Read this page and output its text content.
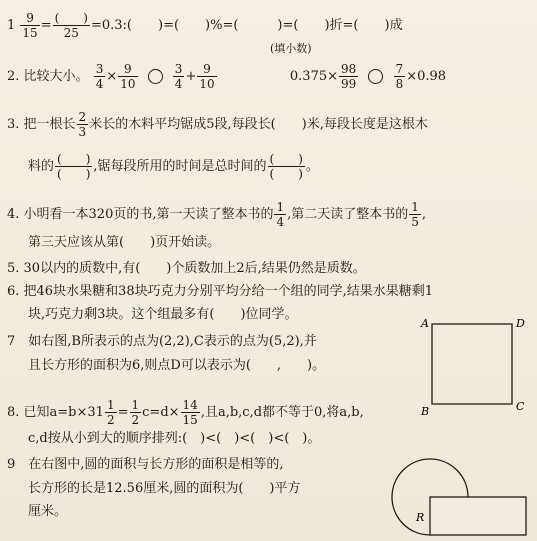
$1 \frac{9}{15} = \frac{( )}{25}$ =0.3:(　　)=(　　)%=(　　　)=(　　)折=(　　)成
(填小数)
2. 比较大小。 $\frac{3}{4} \times \frac{9}{10}$
	$\frac{3}{4} + \frac{9}{10}$	$0.375\times \frac{98}{99}$
	$\frac{7}{8} \times 0.98$
3. 把一根长 $\frac{2}{3}$ 米长的木料平均锯成5段,每段长(　　)米,每段长度是这根木
料的 $\frac{( )}{( )}$ ,锯每段所用的时间是总时间的 $\frac{( )}{( )}$ 。
4. 小明看一本320页的书,第一天读了整本书的 $\frac{1}{4}$ ,第二天读了整本书的 $\frac{1}{5}$ ,
第三天应该从第(　　)页开始读。
5. 30以内的质数中,有(　　)个质数加上2后,结果仍然是质数。
6. 把46块水果糖和38块巧克力分别平均分给一个组的同学,结果水果糖剩1
块,巧克力剩3块。这个组最多有(　　)位同学。
7　如右图,B所表示的点为(2,2),C表示的点为(5,2),并
且长方形的面积为6,则点D可以表示为(　　,　　)。
A	D
B	C
8. 已知$a=b\times 31 \frac{1}{2} = \frac{1}{2} c=d\times \frac{14}{15}$ ,且a,b,c,d都不等于0,将a,b,
c,d按从小到大的顺序排列:(　)<(　)<(　)<(　)。
9　在右图中,圆的面积与长方形的面积是相等的,
长方形的长是12.56厘米,圆的面积为(　　)平方
厘米。	R
